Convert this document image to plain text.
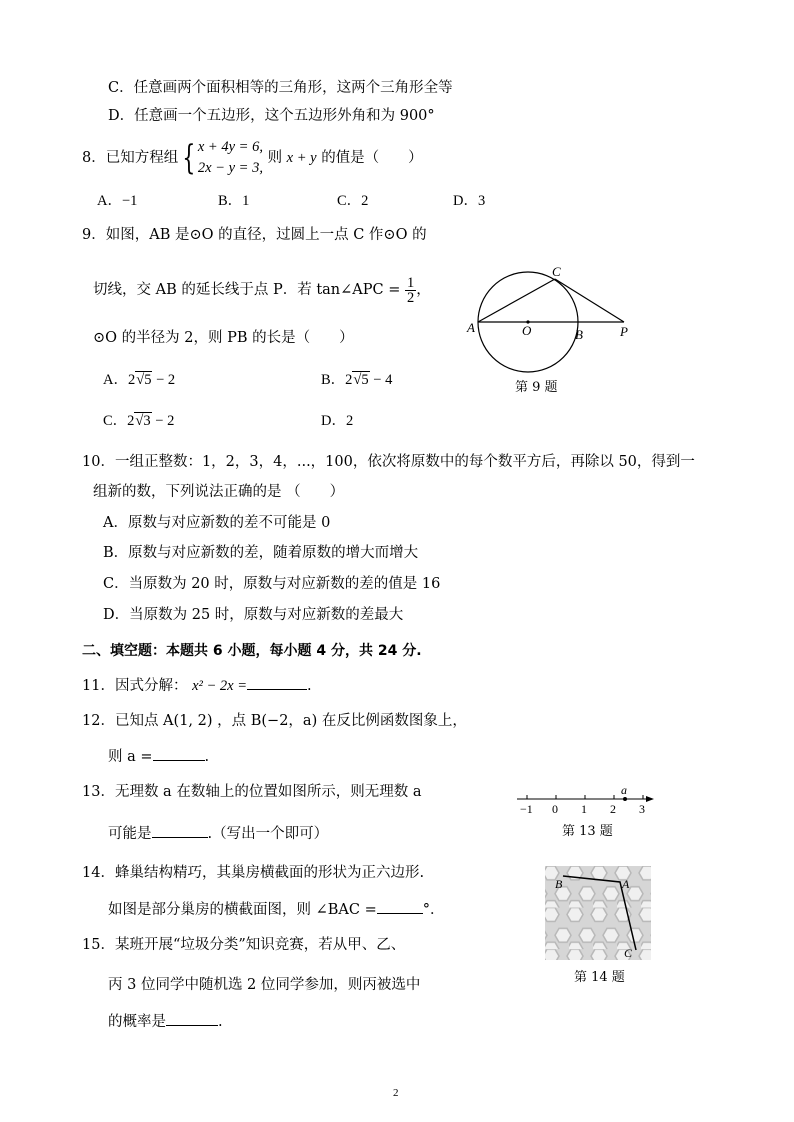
C．任意画两个面积相等的三角形，这两个三角形全等
D．任意画一个五边形，这个五边形外角和为 900°
8．已知方程组 { x + 4y = 6,
2x − y = 3,
则 x + y 的值是（　　）
A．−1	B．1	C．2	D．3
9．如图，AB 是⊙O 的直径，过圆上一点 C 作⊙O 的
切线，交 AB 的延长线于点 P．若 tan∠APC = $\frac{1}{2}$ ，
⊙O 的半径为 2，则 PB 的长是（　　）
A．2√5 − 2	B．2√5 − 4
C．2√3 − 2	D．2
A	O	B	P
C
第 9 题
10．一组正整数：1，2，3，4，...，100，依次将原数中的每个数平方后，再除以 50，得到一
组新的数，下列说法正确的是 （　　）
A．原数与对应新数的差不可能是 0
B．原数与对应新数的差，随着原数的增大而增大
C．当原数为 20 时，原数与对应新数的差的值是 16
D．当原数为 25 时，原数与对应新数的差最大
二、填空题：本题共 6 小题，每小题 4 分，共 24 分.
11．因式分解： x² − 2x =	.
12．已知点 A(1, 2) ，点 B(−2，a) 在反比例函数图象上，
则 a =	.
13．无理数 a 在数轴上的位置如图所示，则无理数 a
可能是	.（写出一个即可）
a
−1 0 1 2 3
第 13 题
14．蜂巢结构精巧，其巢房横截面的形状为正六边形.
如图是部分巢房的横截面图，则 ∠BAC =	°．
B	A
C
第 14 题
15．某班开展“垃圾分类”知识竞赛，若从甲、乙、
丙 3 位同学中随机选 2 位同学参加，则丙被选中
的概率是	.
2
